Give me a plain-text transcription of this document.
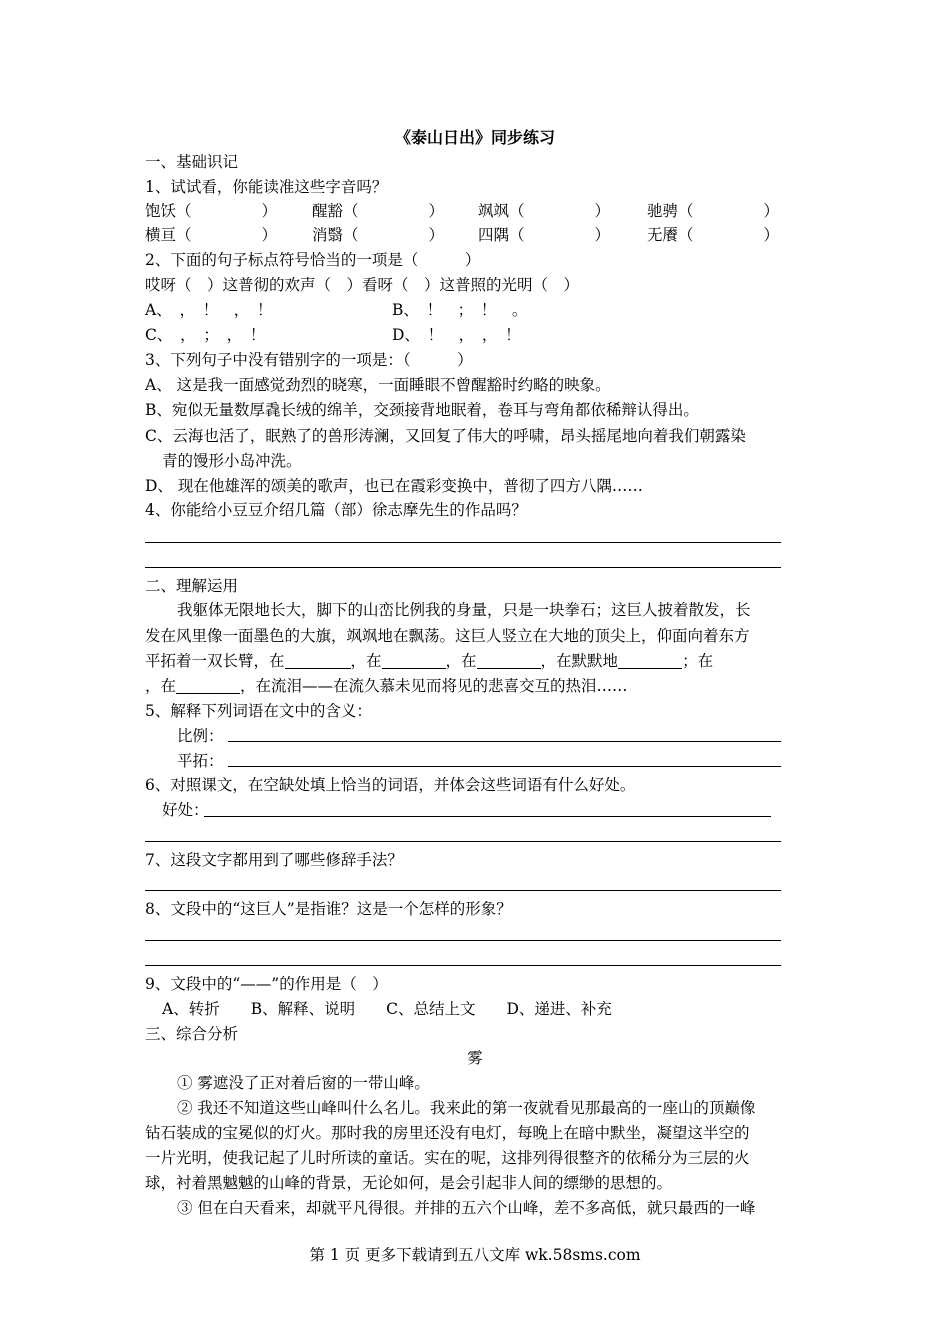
《泰山日出》同步练习
一、基础识记
1、试试看，你能读准这些字音吗？
饱饫（	） 醒豁（	） 飒飒（	） 驰骋（	）
横亘（	） 消翳（	） 四隅（	） 无餍（	）
2、下面的句子标点符号恰当的一项是（　　　）
哎呀（　）这普彻的欢声（　）看呀（　）这普照的光明（　）
A、　，　！　，　！	B、　！　；　！　。
C、　，　；　，　！	D、　！　，　，　！
3、下列句子中没有错别字的一项是：（　　　）
A、 这是我一面感觉劲烈的晓寒，一面睡眼不曾醒豁时约略的映象。
B、宛似无量数厚毳长绒的绵羊，交颈接背地眠着，卷耳与弯角都依稀辩认得出。
C、云海也活了，眠熟了的兽形涛澜，又回复了伟大的呼啸，昂头摇尾地向着我们朝露染
青的馒形小岛冲洗。
D、 现在他雄浑的颂美的歌声，也已在霞彩变换中，普彻了四方八隅……
4、你能给小豆豆介绍几篇（部）徐志摩先生的作品吗？
二、理解运用
我躯体无限地长大，脚下的山峦比例我的身量，只是一块拳石；这巨人披着散发，长
发在风里像一面墨色的大旗，飒飒地在飘荡。这巨人竖立在大地的顶尖上，仰面向着东方
平拓着一双长臂，在	，在	，在	，在默默地	；在
，在	，在流泪——在流久慕未见而将见的悲喜交互的热泪……
5、解释下列词语在文中的含义：
比例：
平拓：
6、对照课文，在空缺处填上恰当的词语，并体会这些词语有什么好处。
好处：
7、这段文字都用到了哪些修辞手法？
8、文段中的“这巨人”是指谁？这是一个怎样的形象？
9、文段中的“——”的作用是（　）
A、转折　　B、解释、说明　　C、总结上文　　D、递进、补充
三、综合分析
雾
① 雾遮没了正对着后窗的一带山峰。
② 我还不知道这些山峰叫什么名儿。我来此的第一夜就看见那最高的一座山的顶巅像
钻石装成的宝冕似的灯火。那时我的房里还没有电灯，每晚上在暗中默坐，凝望这半空的
一片光明，使我记起了儿时所读的童话。实在的呢，这排列得很整齐的依稀分为三层的火
球，衬着黑魆魆的山峰的背景，无论如何，是会引起非人间的缥缈的思想的。
③ 但在白天看来，却就平凡得很。并排的五六个山峰，差不多高低，就只最西的一峰
第 1 页 更多下载请到五八文库 wk.58sms.com
